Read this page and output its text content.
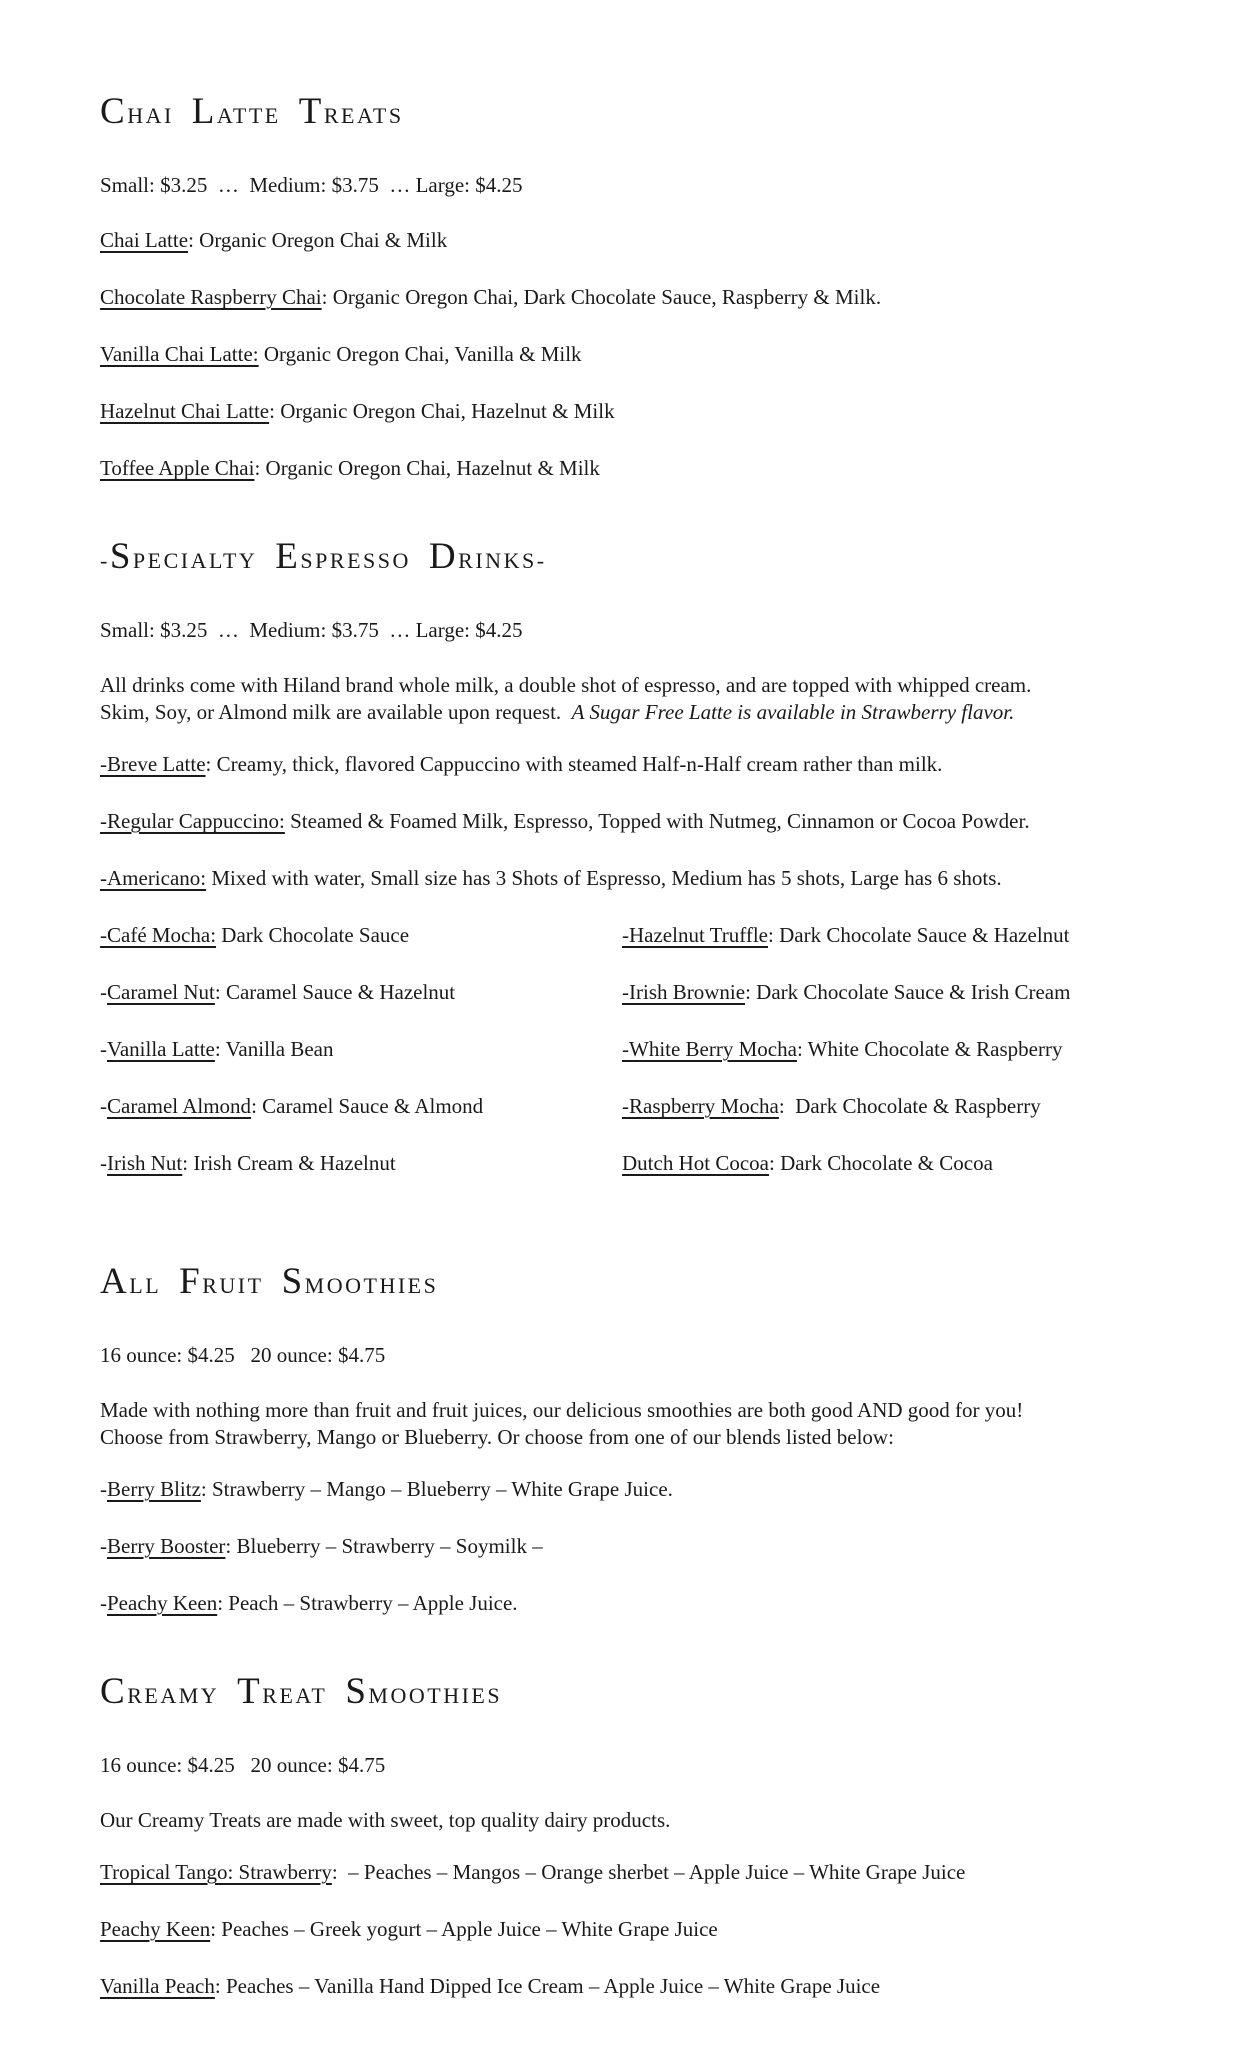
CHAI LATTE TREATS

Small: $3.25  …  Medium: $3.75  … Large: $4.25

Chai Latte: Organic Oregon Chai & Milk

Chocolate Raspberry Chai: Organic Oregon Chai, Dark Chocolate Sauce, Raspberry & Milk.

Vanilla Chai Latte: Organic Oregon Chai, Vanilla & Milk

Hazelnut Chai Latte: Organic Oregon Chai, Hazelnut & Milk

Toffee Apple Chai: Organic Oregon Chai, Hazelnut & Milk

-SPECIALTY ESPRESSO DRINKS-

Small: $3.25  …  Medium: $3.75  … Large: $4.25

All drinks come with Hiland brand whole milk, a double shot of espresso, and are topped with whipped cream.
Skim, Soy, or Almond milk are available upon request.  A Sugar Free Latte is available in Strawberry flavor.

-Breve Latte: Creamy, thick, flavored Cappuccino with steamed Half-n-Half cream rather than milk.

-Regular Cappuccino: Steamed & Foamed Milk, Espresso, Topped with Nutmeg, Cinnamon or Cocoa Powder.

-Americano: Mixed with water, Small size has 3 Shots of Espresso, Medium has 5 shots, Large has 6 shots.

-Café Mocha: Dark Chocolate Sauce

-Caramel Nut: Caramel Sauce & Hazelnut

-Vanilla Latte: Vanilla Bean

-Caramel Almond: Caramel Sauce & Almond

-Irish Nut: Irish Cream & Hazelnut

-Hazelnut Truffle: Dark Chocolate Sauce & Hazelnut

-Irish Brownie: Dark Chocolate Sauce & Irish Cream

-White Berry Mocha: White Chocolate & Raspberry

-Raspberry Mocha:  Dark Chocolate & Raspberry

Dutch Hot Cocoa: Dark Chocolate & Cocoa

ALL FRUIT SMOOTHIES

16 ounce: $4.25   20 ounce: $4.75

Made with nothing more than fruit and fruit juices, our delicious smoothies are both good AND good for you!
Choose from Strawberry, Mango or Blueberry. Or choose from one of our blends listed below:

-Berry Blitz: Strawberry – Mango – Blueberry – White Grape Juice.

-Berry Booster: Blueberry – Strawberry – Soymilk –

-Peachy Keen: Peach – Strawberry – Apple Juice.

CREAMY TREAT SMOOTHIES

16 ounce: $4.25   20 ounce: $4.75

Our Creamy Treats are made with sweet, top quality dairy products.

Tropical Tango: Strawberry:  – Peaches – Mangos – Orange sherbet – Apple Juice – White Grape Juice

Peachy Keen: Peaches – Greek yogurt – Apple Juice – White Grape Juice

Vanilla Peach: Peaches – Vanilla Hand Dipped Ice Cream – Apple Juice – White Grape Juice
